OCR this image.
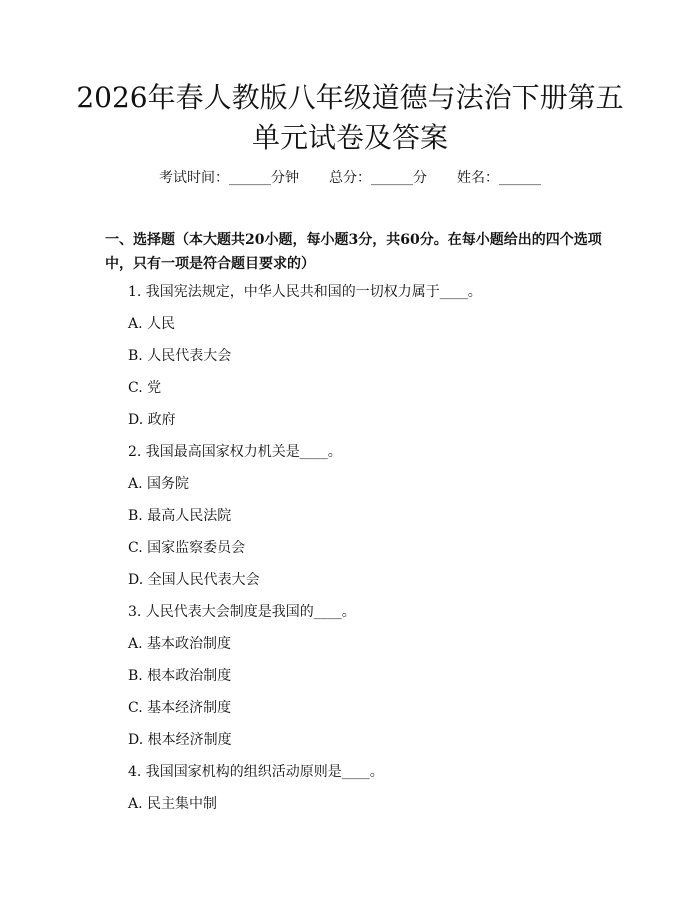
2026年春人教版八年级道德与法治下册第五
单元试卷及答案
考试时间：______分钟 总分：______分 姓名：______
一、选择题（本大题共20小题，每小题3分，共60分。在每小题给出的四个选项中，只有一项是符合题目要求的）
1. 我国宪法规定，中华人民共和国的一切权力属于____。
A. 人民
B. 人民代表大会
C. 党
D. 政府
2. 我国最高国家权力机关是____。
A. 国务院
B. 最高人民法院
C. 国家监察委员会
D. 全国人民代表大会
3. 人民代表大会制度是我国的____。
A. 基本政治制度
B. 根本政治制度
C. 基本经济制度
D. 根本经济制度
4. 我国国家机构的组织活动原则是____。
A. 民主集中制
